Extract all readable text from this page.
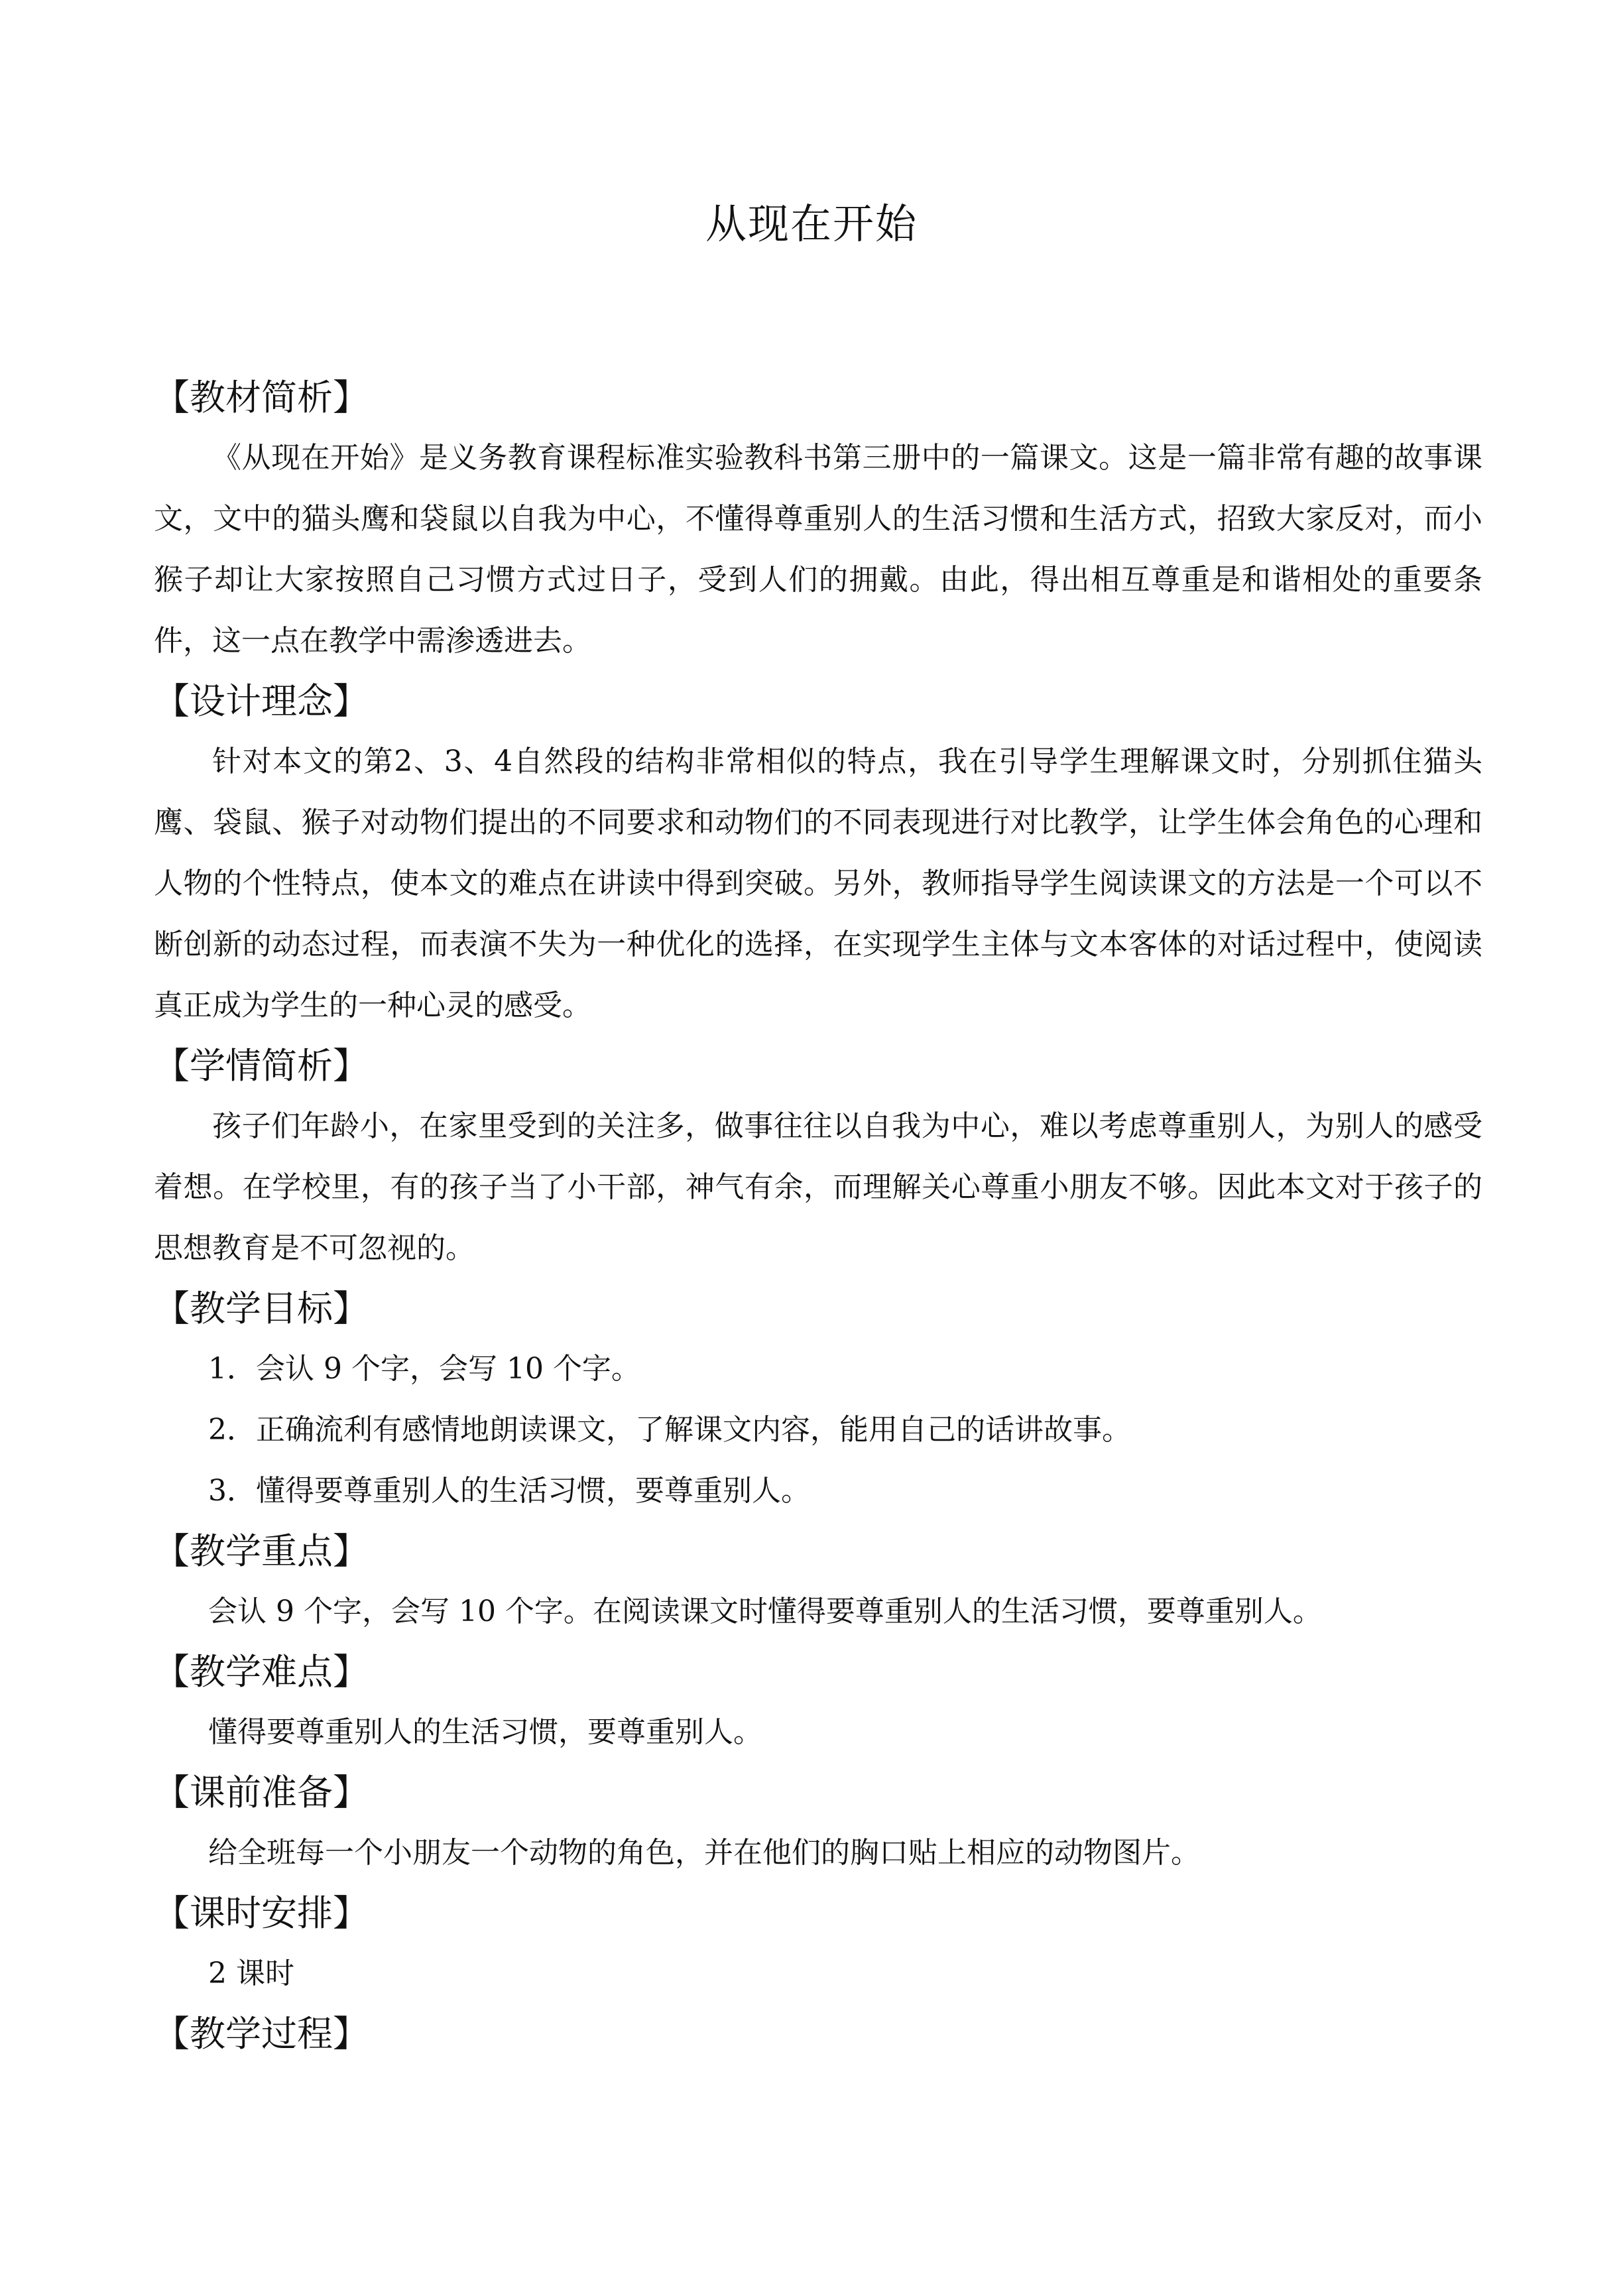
从现在开始
【教材简析】

《从现在开始》是义务教育课程标准实验教科书第三册中的一篇课文。这是一篇非常有趣的故事课文，文中的猫头鹰和袋鼠以自我为中心，不懂得尊重别人的生活习惯和生活方式，招致大家反对，而小猴子却让大家按照自己习惯方式过日子，受到人们的拥戴。由此，得出相互尊重是和谐相处的重要条件，这一点在教学中需渗透进去。

【设计理念】

针对本文的第2、3、4自然段的结构非常相似的特点，我在引导学生理解课文时，分别抓住猫头鹰、袋鼠、猴子对动物们提出的不同要求和动物们的不同表现进行对比教学，让学生体会角色的心理和人物的个性特点，使本文的难点在讲读中得到突破。另外，教师指导学生阅读课文的方法是一个可以不断创新的动态过程，而表演不失为一种优化的选择，在实现学生主体与文本客体的对话过程中，使阅读真正成为学生的一种心灵的感受。

【学情简析】

孩子们年龄小，在家里受到的关注多，做事往往以自我为中心，难以考虑尊重别人，为别人的感受着想。在学校里，有的孩子当了小干部，神气有余，而理解关心尊重小朋友不够。因此本文对于孩子的思想教育是不可忽视的。

【教学目标】

1．会认 9 个字，会写 10 个字。

2．正确流利有感情地朗读课文，了解课文内容，能用自己的话讲故事。

3．懂得要尊重别人的生活习惯，要尊重别人。

【教学重点】

会认 9 个字，会写 10 个字。在阅读课文时懂得要尊重别人的生活习惯，要尊重别人。

【教学难点】

懂得要尊重别人的生活习惯，要尊重别人。

【课前准备】

给全班每一个小朋友一个动物的角色，并在他们的胸口贴上相应的动物图片。

【课时安排】

2 课时

【教学过程】
